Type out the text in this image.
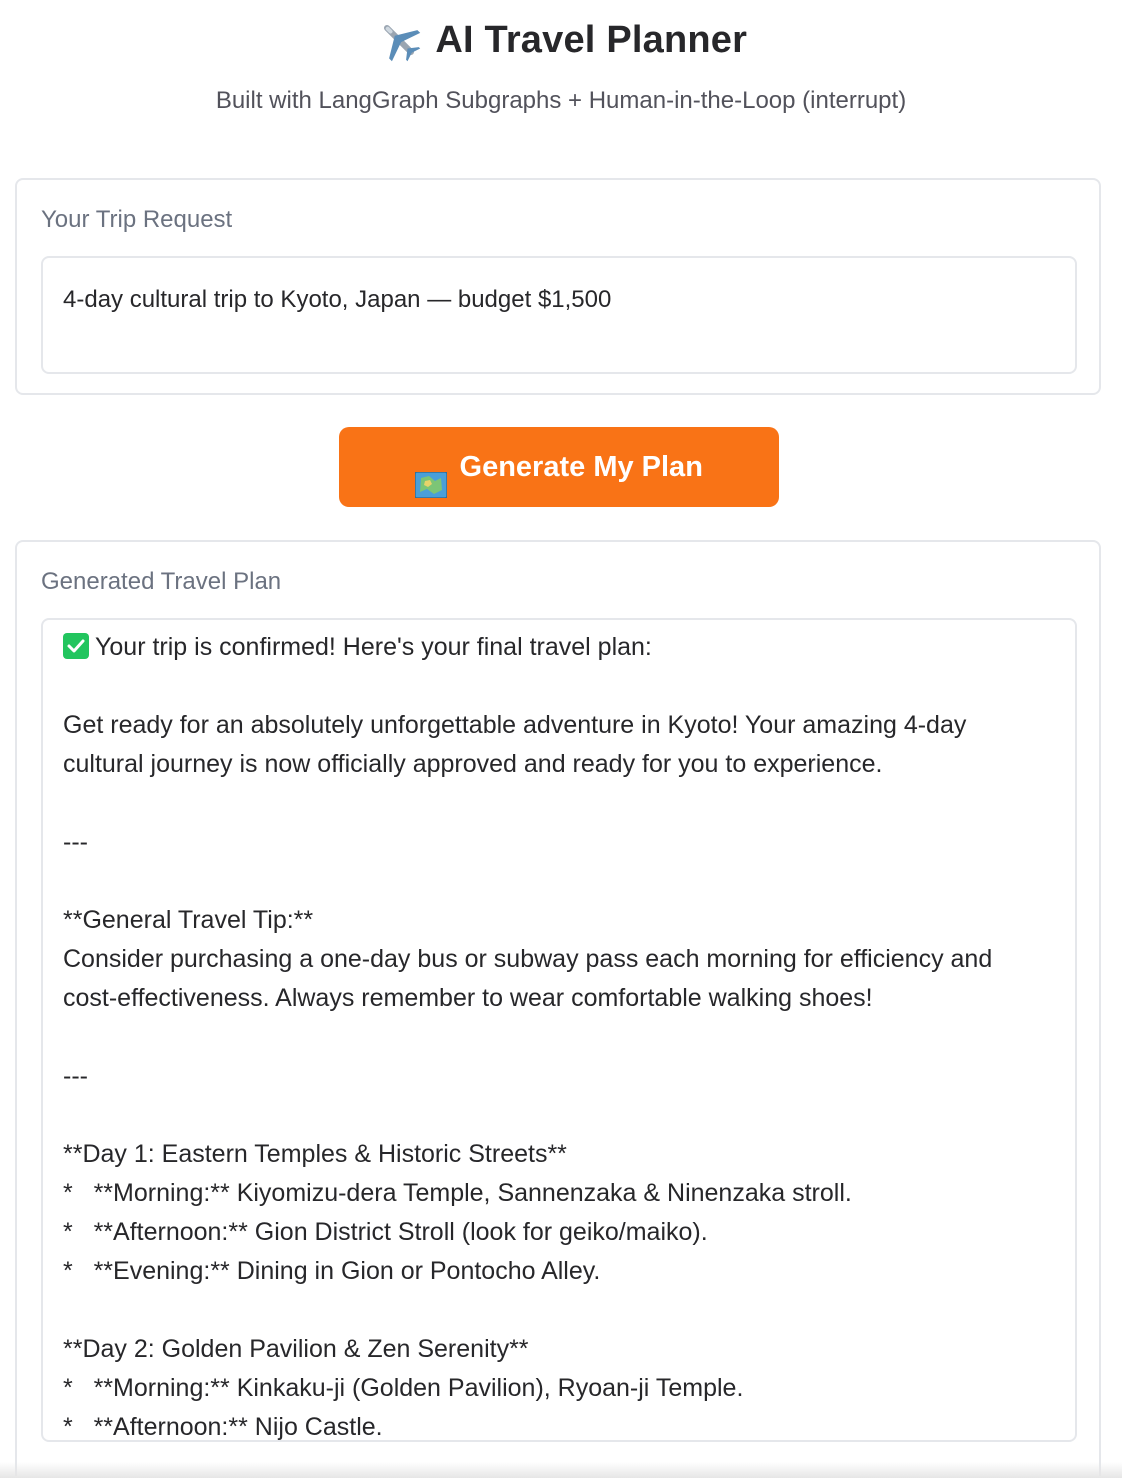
AI Travel Planner
Built with LangGraph Subgraphs + Human-in-the-Loop (interrupt)
Your Trip Request
4-day cultural trip to Kyoto, Japan — budget $1,500
Generate My Plan
Generated Travel Plan
Your trip is confirmed! Here's your final travel plan:
Get ready for an absolutely unforgettable adventure in Kyoto! Your amazing 4-day
cultural journey is now officially approved and ready for you to experience.
---
**General Travel Tip:**
Consider purchasing a one-day bus or subway pass each morning for efficiency and
cost-effectiveness. Always remember to wear comfortable walking shoes!
---
**Day 1: Eastern Temples & Historic Streets**
*   **Morning:** Kiyomizu-dera Temple, Sannenzaka & Ninenzaka stroll.
*   **Afternoon:** Gion District Stroll (look for geiko/maiko).
*   **Evening:** Dining in Gion or Pontocho Alley.
**Day 2: Golden Pavilion & Zen Serenity**
*   **Morning:** Kinkaku-ji (Golden Pavilion), Ryoan-ji Temple.
*   **Afternoon:** Nijo Castle.
